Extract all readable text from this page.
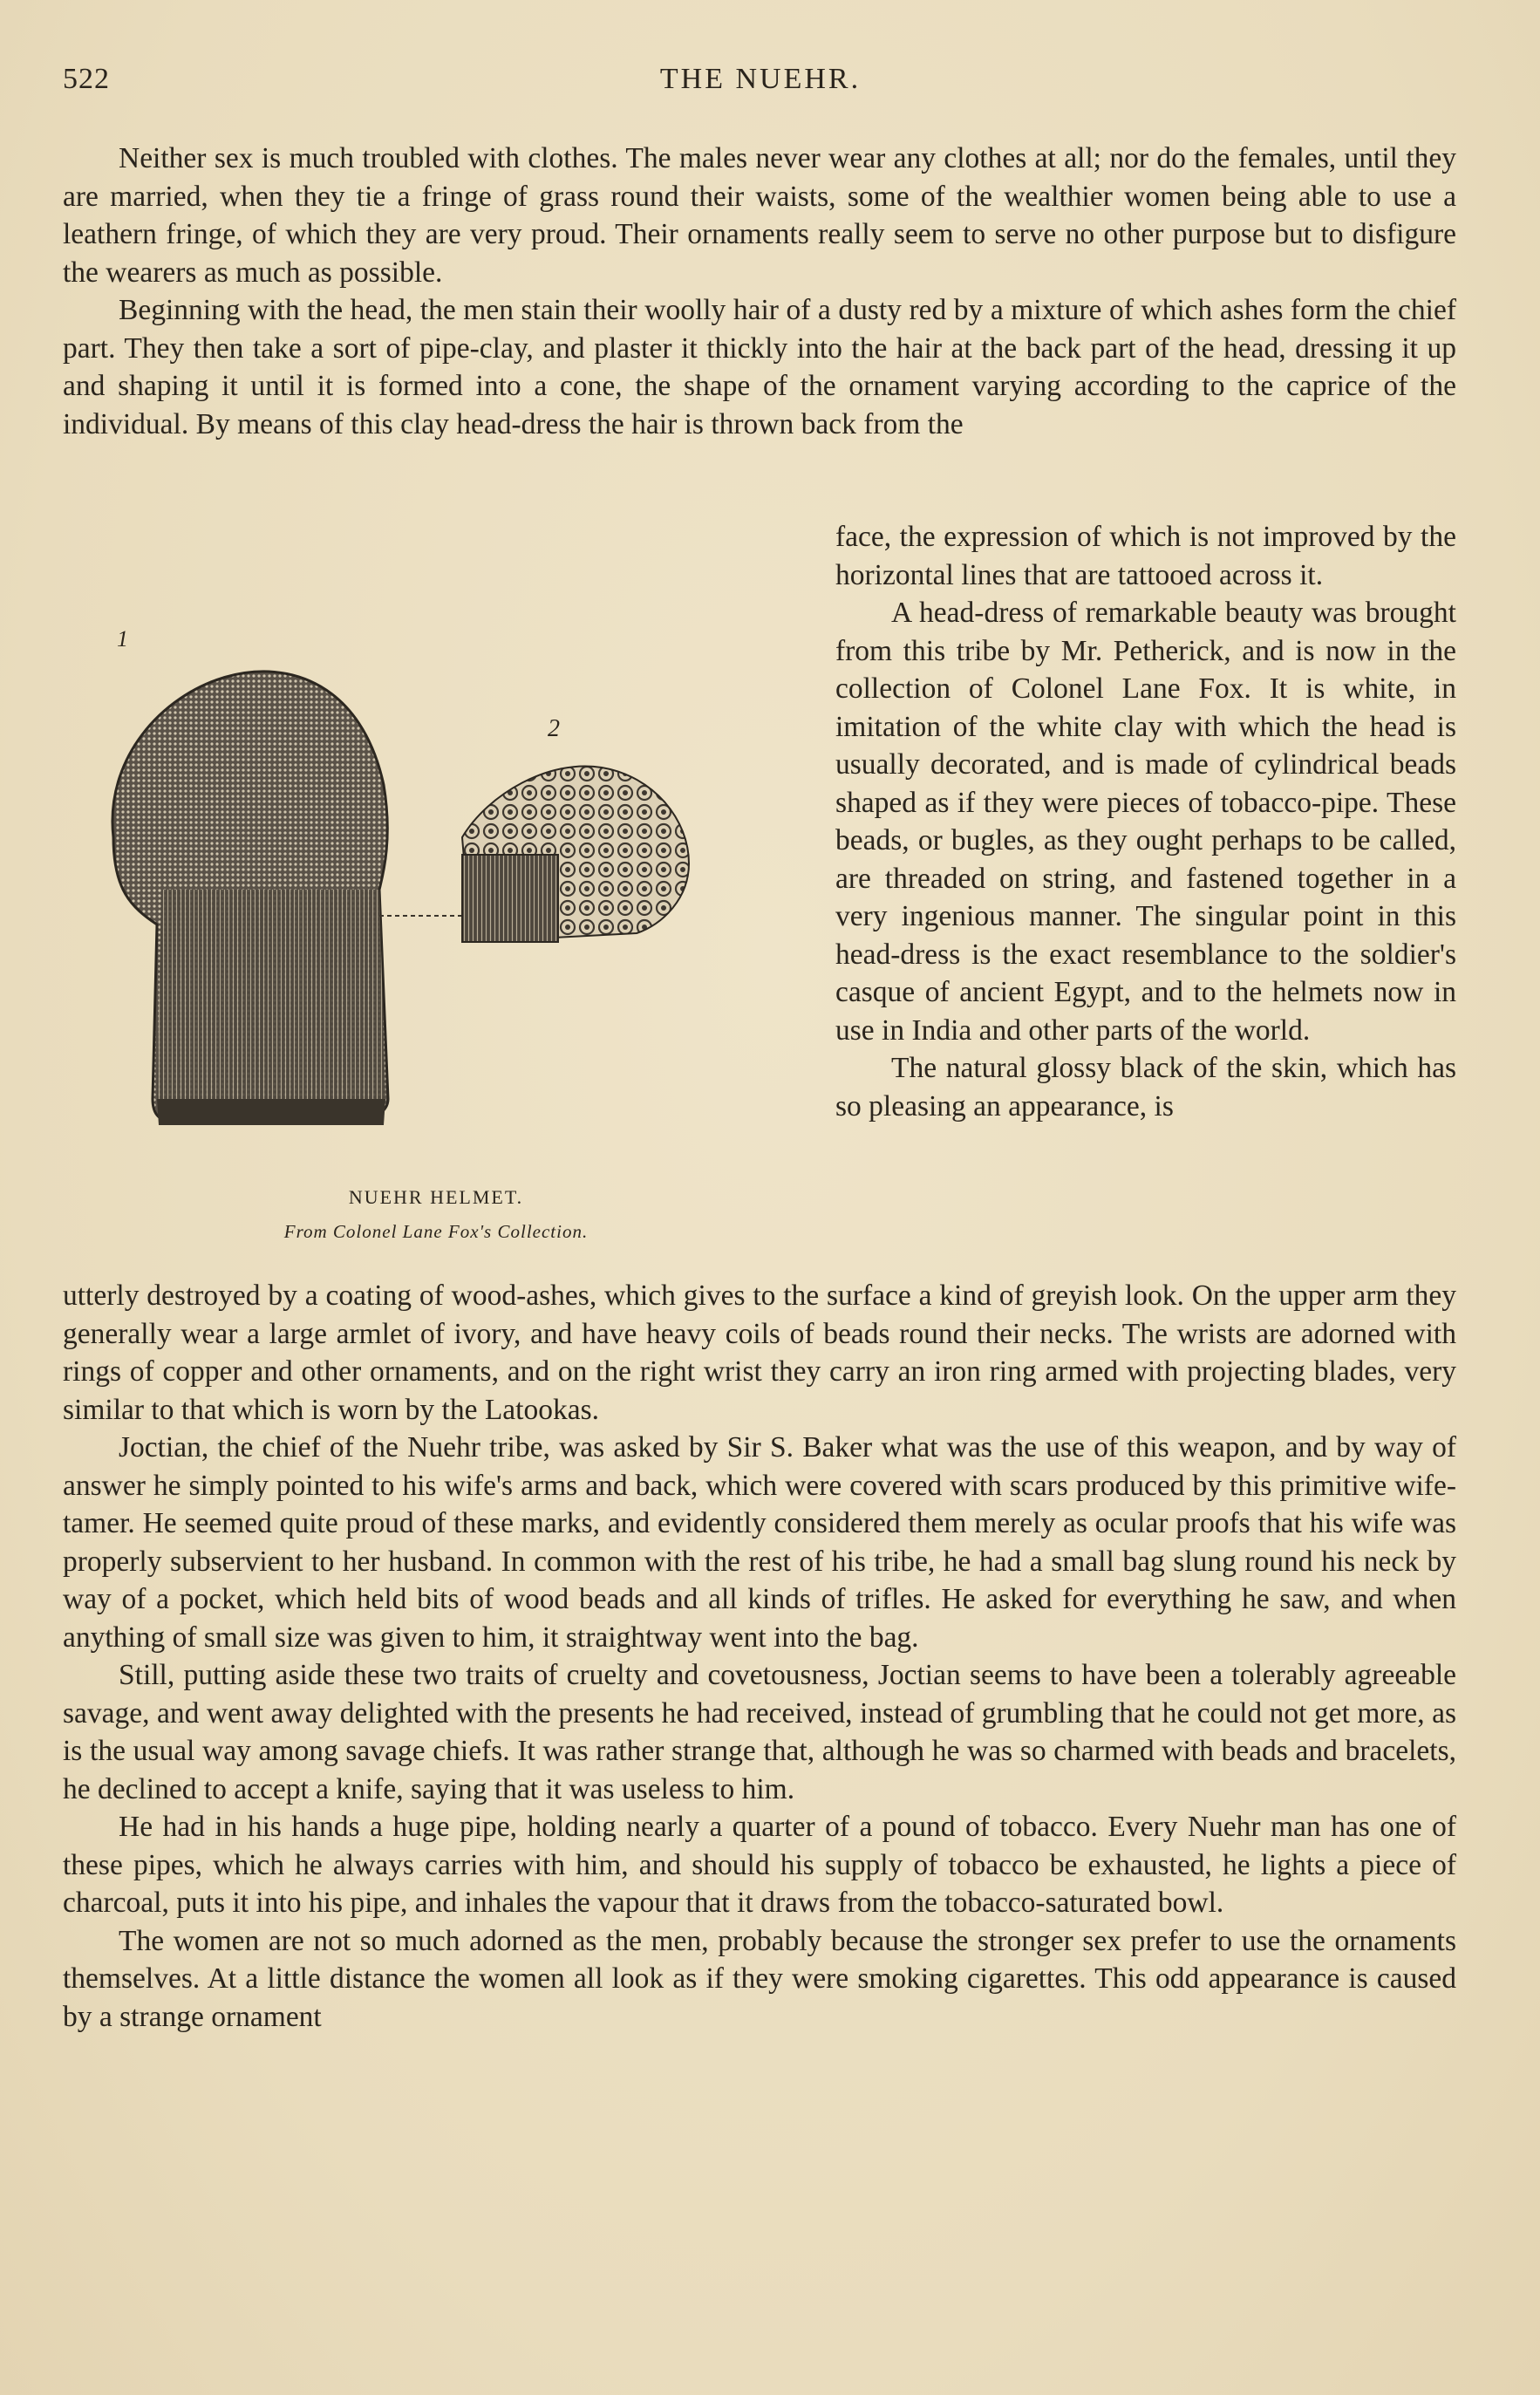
522	THE NUEHR.

Neither sex is much troubled with clothes. The males never wear any clothes at all; nor do the females, until they are married, when they tie a fringe of grass round their waists, some of the wealthier women being able to use a leathern fringe, of which they are very proud. Their ornaments really seem to serve no other purpose but to disfigure the wearers as much as possible.

Beginning with the head, the men stain their woolly hair of a dusty red by a mixture of which ashes form the chief part. They then take a sort of pipe-clay, and plaster it thickly into the hair at the back part of the head, dressing it up and shaping it until it is formed into a cone, the shape of the ornament varying according to the caprice of the individual. By means of this clay head-dress the hair is thrown back from the

1
2
NUEHR HELMET.
From Colonel Lane Fox's Collection.

face, the expression of which is not improved by the horizontal lines that are tattooed across it.

A head-dress of remarkable beauty was brought from this tribe by Mr. Petherick, and is now in the collection of Colonel Lane Fox. It is white, in imitation of the white clay with which the head is usually decorated, and is made of cylindrical beads shaped as if they were pieces of tobacco-pipe. These beads, or bugles, as they ought perhaps to be called, are threaded on string, and fastened together in a very ingenious manner. The singular point in this head-dress is the exact resemblance to the soldier's casque of ancient Egypt, and to the helmets now in use in India and other parts of the world.

The natural glossy black of the skin, which has so pleasing an appearance, is

utterly destroyed by a coating of wood-ashes, which gives to the surface a kind of greyish look. On the upper arm they generally wear a large armlet of ivory, and have heavy coils of beads round their necks. The wrists are adorned with rings of copper and other ornaments, and on the right wrist they carry an iron ring armed with projecting blades, very similar to that which is worn by the Latookas.

Joctian, the chief of the Nuehr tribe, was asked by Sir S. Baker what was the use of this weapon, and by way of answer he simply pointed to his wife's arms and back, which were covered with scars produced by this primitive wife-tamer. He seemed quite proud of these marks, and evidently considered them merely as ocular proofs that his wife was properly subservient to her husband. In common with the rest of his tribe, he had a small bag slung round his neck by way of a pocket, which held bits of wood beads and all kinds of trifles. He asked for everything he saw, and when anything of small size was given to him, it straightway went into the bag.

Still, putting aside these two traits of cruelty and covetousness, Joctian seems to have been a tolerably agreeable savage, and went away delighted with the presents he had received, instead of grumbling that he could not get more, as is the usual way among savage chiefs. It was rather strange that, although he was so charmed with beads and bracelets, he declined to accept a knife, saying that it was useless to him.

He had in his hands a huge pipe, holding nearly a quarter of a pound of tobacco. Every Nuehr man has one of these pipes, which he always carries with him, and should his supply of tobacco be exhausted, he lights a piece of charcoal, puts it into his pipe, and inhales the vapour that it draws from the tobacco-saturated bowl.

The women are not so much adorned as the men, probably because the stronger sex prefer to use the ornaments themselves. At a little distance the women all look as if they were smoking cigarettes. This odd appearance is caused by a strange ornament
